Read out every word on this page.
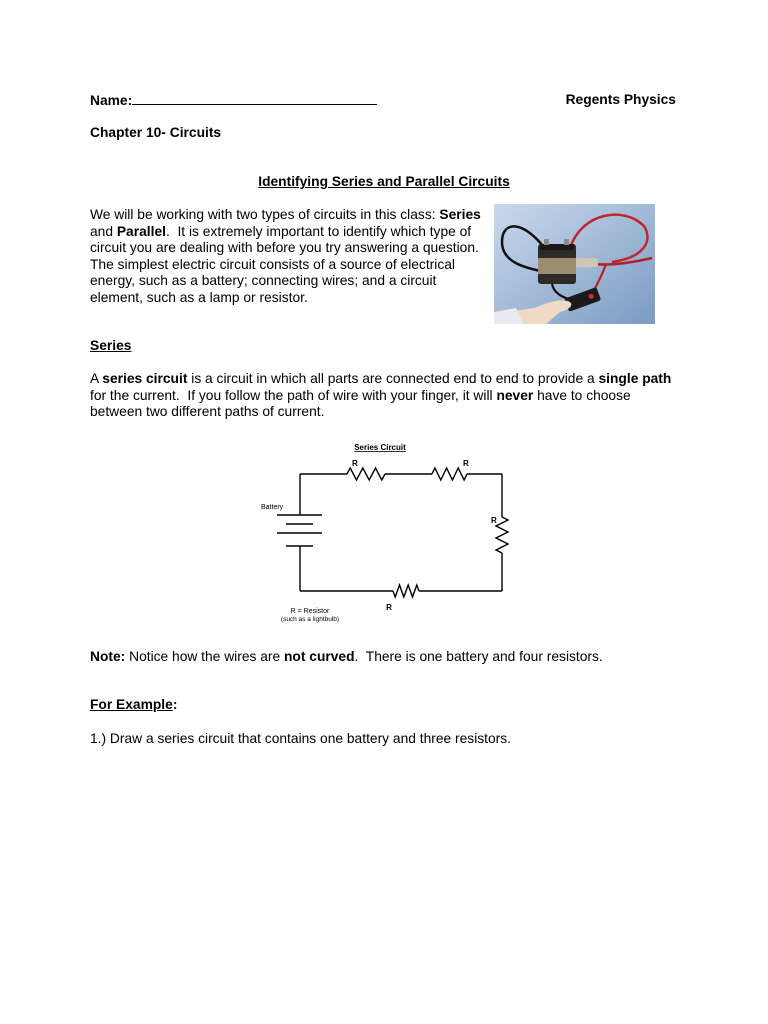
Name:	Regents Physics
Chapter 10- Circuits
Identifying Series and Parallel Circuits
We will be working with two types of circuits in this class: Series
and Parallel.  It is extremely important to identify which type of
circuit you are dealing with before you try answering a question.
The simplest electric circuit consists of a source of electrical
energy, such as a battery; connecting wires; and a circuit
element, such as a lamp or resistor.
Series
A series circuit is a circuit in which all parts are connected end to end to provide a single path
for the current.  If you follow the path of wire with your finger, it will never have to choose
between two different paths of current.
Series Circuit
R	R
R
R
Battery
R = Resistor
(such as a lightbulb)
Note: Notice how the wires are not curved.  There is one battery and four resistors.
For Example:
1.) Draw a series circuit that contains one battery and three resistors.
